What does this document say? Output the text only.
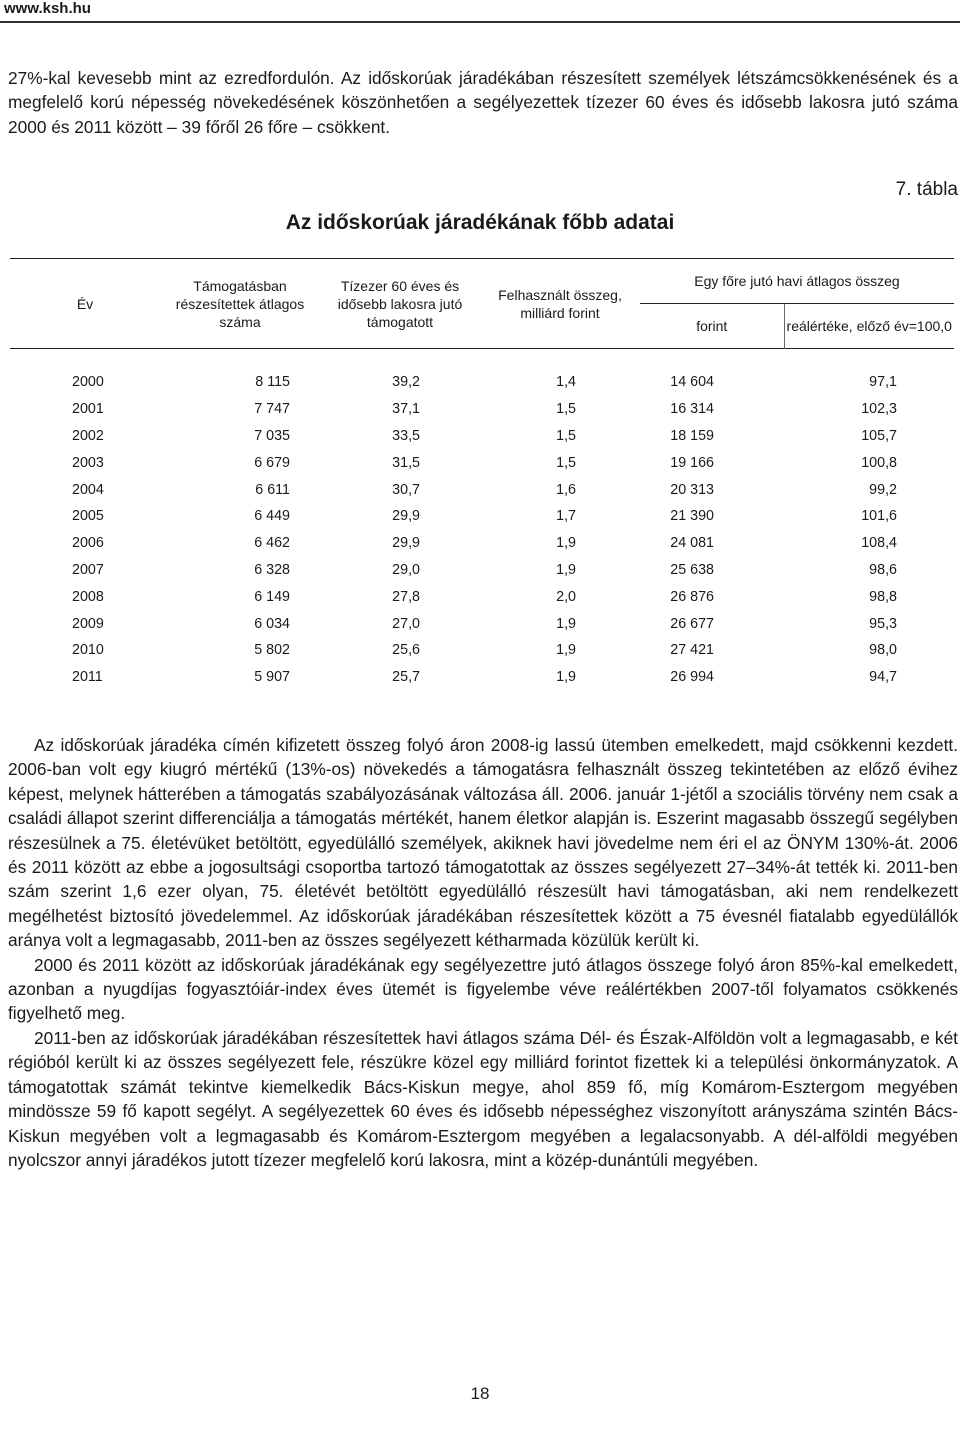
www.ksh.hu

27%-kal kevesebb mint az ezredfordulón. Az időskorúak járadékában részesített személyek létszámcsökkenésének és a megfelelő korú népesség növekedésének köszönhetően a segélyezettek tízezer 60 éves és idősebb lakosra jutó száma 2000 és 2011 között – 39 főről 26 főre – csökkent.

7. tábla
Az időskorúak járadékának főbb adatai
Év	Támogatásban részesítettek átlagos száma	Tízezer 60 éves és idősebb lakosra jutó támogatott	Felhasznált összeg, milliárd forint	Egy főre jutó havi átlagos összeg	
				forint	reálértéke, előző év=100,0
2000	8 115	39,2	1,4	14 604	97,1
2001	7 747	37,1	1,5	16 314	102,3
2002	7 035	33,5	1,5	18 159	105,7
2003	6 679	31,5	1,5	19 166	100,8
2004	6 611	30,7	1,6	20 313	99,2
2005	6 449	29,9	1,7	21 390	101,6
2006	6 462	29,9	1,9	24 081	108,4
2007	6 328	29,0	1,9	25 638	98,6
2008	6 149	27,8	2,0	26 876	98,8
2009	6 034	27,0	1,9	26 677	95,3
2010	5 802	25,6	1,9	27 421	98,0
2011	5 907	25,7	1,9	26 994	94,7

Az időskorúak járadéka címén kifizetett összeg folyó áron 2008-ig lassú ütemben emelkedett, majd csökkenni kezdett. 2006-ban volt egy kiugró mértékű (13%-os) növekedés a támogatásra felhasznált összeg tekintetében az előző évihez képest, melynek hátterében a támogatás szabályozásának változása áll. 2006. január 1-jétől a szociális törvény nem csak a családi állapot szerint differenciálja a támogatás mértékét, hanem életkor alapján is. Eszerint magasabb összegű segélyben részesülnek a 75. életévüket betöltött, egyedülálló személyek, akiknek havi jövedelme nem éri el az ÖNYM 130%-át. 2006 és 2011 között az ebbe a jogosultsági csoportba tartozó támogatottak az összes segélyezett 27–34%-át tették ki. 2011-ben szám szerint 1,6 ezer olyan, 75. életévét betöltött egyedülálló részesült havi támogatásban, aki nem rendelkezett megélhetést biztosító jövedelemmel. Az időskorúak járadékában részesítettek között a 75 évesnél fiatalabb egyedülállók aránya volt a legmagasabb, 2011-ben az összes segélyezett kétharmada közülük került ki.

2000 és 2011 között az időskorúak járadékának egy segélyezettre jutó átlagos összege folyó áron 85%-kal emelkedett, azonban a nyugdíjas fogyasztóiár-index éves ütemét is figyelembe véve reálértékben 2007-től folyamatos csökkenés figyelhető meg.

2011-ben az időskorúak járadékában részesítettek havi átlagos száma Dél- és Észak-Alföldön volt a legmagasabb, e két régióból került ki az összes segélyezett fele, részükre közel egy milliárd forintot fizettek ki a települési önkormányzatok. A támogatottak számát tekintve kiemelkedik Bács-Kiskun megye, ahol 859 fő, míg Komárom-Esztergom megyében mindössze 59 fő kapott segélyt. A segélyezettek 60 éves és idősebb népességhez viszonyított arányszáma szintén Bács-Kiskun megyében volt a legmagasabb és Komárom-Esztergom megyében a legalacsonyabb. A dél-alföldi megyében nyolcszor annyi járadékos jutott tízezer megfelelő korú lakosra, mint a közép-dunántúli megyében.

18
